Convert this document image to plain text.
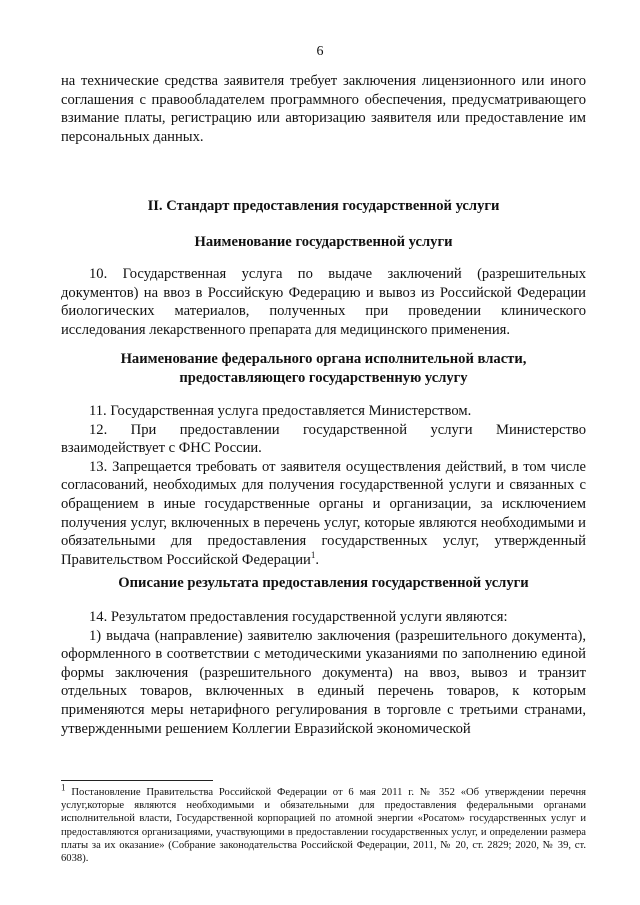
6

на технические средства заявителя требует заключения лицензионного или иного соглашения с правообладателем программного обеспечения, предусматривающего взимание платы, регистрацию или авторизацию заявителя или предоставление им персональных данных.

II. Стандарт предоставления государственной услуги
Наименование государственной услуги

10. Государственная услуга по выдаче заключений (разрешительных документов) на ввоз в Российскую Федерацию и вывоз из Российской Федерации биологических материалов, полученных при проведении клинического исследования лекарственного препарата для медицинского применения.

Наименование федерального органа исполнительной власти,
предоставляющего государственную услугу

11. Государственная услуга предоставляется Министерством.

12. При предоставлении государственной услуги Министерство взаимодействует с ФНС России.

13. Запрещается требовать от заявителя осуществления действий, в том числе согласований, необходимых для получения государственной услуги и связанных с обращением в иные государственные органы и организации, за исключением получения услуг, включенных в перечень услуг, которые являются необходимыми и обязательными для предоставления государственных услуг, утвержденный Правительством Российской Федерации$^1$.

Описание результата предоставления государственной услуги

14. Результатом предоставления государственной услуги являются:

1) выдача (направление) заявителю заключения (разрешительного документа), оформленного в соответствии с методическими указаниями по заполнению единой формы заключения (разрешительного документа) на ввоз, вывоз и транзит отдельных товаров, включенных в единый перечень товаров, к которым применяются меры нетарифного регулирования в торговле с третьими странами, утвержденными решением Коллегии Евразийской экономической

$^1$ Постановление Правительства Российской Федерации от 6 мая 2011 г. № 352 «Об утверждении перечня услуг,которые являются необходимыми и обязательными для предоставления федеральными органами исполнительной власти, Государственной корпорацией по атомной энергии «Росатом» государственных услуг и предоставляются организациями, участвующими в предоставлении государственных услуг, и определении размера платы за их оказание» (Собрание законодательства Российской Федерации, 2011, № 20, ст. 2829; 2020, № 39, ст. 6038).
